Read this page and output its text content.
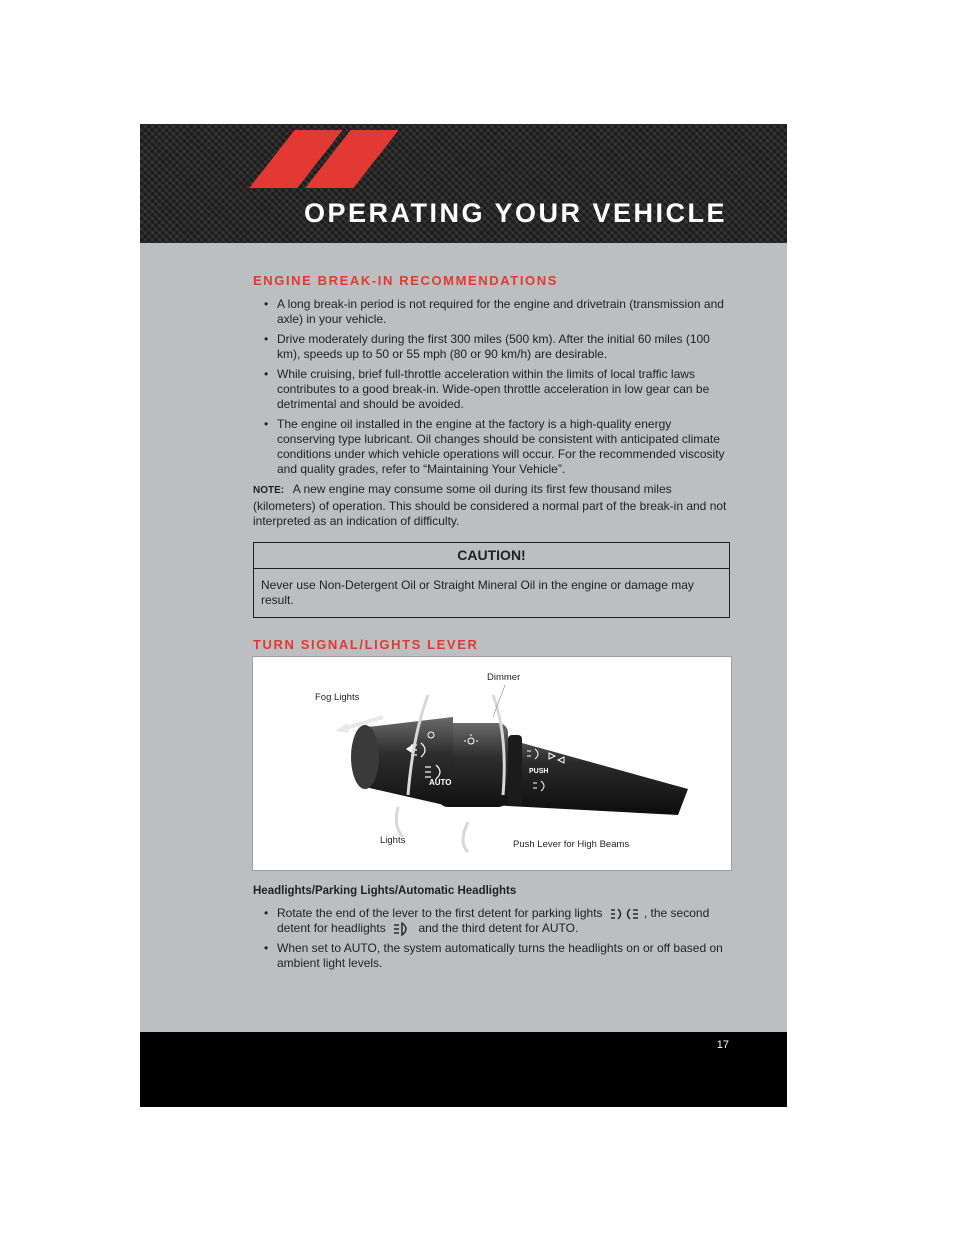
OPERATING YOUR VEHICLE
ENGINE BREAK-IN RECOMMENDATIONS
• A long break-in period is not required for the engine and drivetrain (transmission and axle) in your vehicle.
• Drive moderately during the first 300 miles (500 km). After the initial 60 miles (100 km), speeds up to 50 or 55 mph (80 or 90 km/h) are desirable.
• While cruising, brief full-throttle acceleration within the limits of local traffic laws contributes to a good break-in. Wide-open throttle acceleration in low gear can be detrimental and should be avoided.
• The engine oil installed in the engine at the factory is a high-quality energy conserving type lubricant. Oil changes should be consistent with anticipated climate conditions under which vehicle operations will occur. For the recommended viscosity and quality grades, refer to “Maintaining Your Vehicle”.
NOTE: A new engine may consume some oil during its first few thousand miles (kilometers) of operation. This should be considered a normal part of the break-in and not interpreted as an indication of difficulty.
CAUTION!
Never use Non-Detergent Oil or Straight Mineral Oil in the engine or damage may result.
TURN SIGNAL/LIGHTS LEVER
AUTO
PUSH
Fog Lights
Dimmer
Lights	Push Lever for High Beams
Headlights/Parking Lights/Automatic Headlights
• Rotate the end of the lever to the first detent for parking lights	, the second detent for headlights	and the third detent for AUTO.
• When set to AUTO, the system automatically turns the headlights on or off based on ambient light levels.
17
